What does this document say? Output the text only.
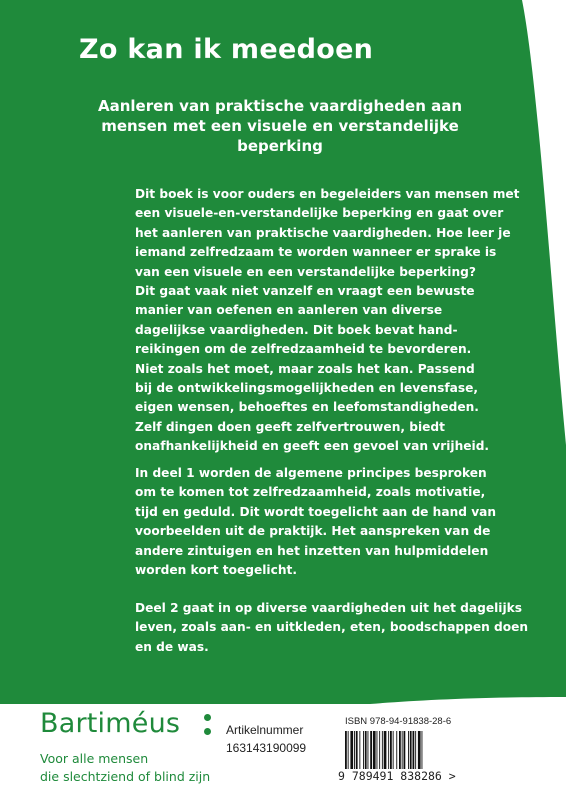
Zo kan ik meedoen
Aanleren van praktische vaardigheden aan
mensen met een visuele en verstandelijke
beperking
Dit boek is voor ouders en begeleiders van mensen met
een visuele-en-verstandelijke beperking en gaat over
het aanleren van praktische vaardigheden. Hoe leer je
iemand zelfredzaam te worden wanneer er sprake is
van een visuele en een verstandelijke beperking?
Dit gaat vaak niet vanzelf en vraagt een bewuste
manier van oefenen en aanleren van diverse
dagelijkse vaardigheden. Dit boek bevat hand-
reikingen om de zelfredzaamheid te bevorderen.
Niet zoals het moet, maar zoals het kan. Passend
bij de ontwikkelingsmogelijkheden en levensfase,
eigen wensen, behoeftes en leefomstandigheden.
Zelf dingen doen geeft zelfvertrouwen, biedt
onafhankelijkheid en geeft een gevoel van vrijheid.
In deel 1 worden de algemene principes besproken
om te komen tot zelfredzaamheid, zoals motivatie,
tijd en geduld. Dit wordt toegelicht aan de hand van
voorbeelden uit de praktijk. Het aanspreken van de
andere zintuigen en het inzetten van hulpmiddelen
worden kort toegelicht.
Deel 2 gaat in op diverse vaardigheden uit het dagelijks
leven, zoals aan- en uitkleden, eten, boodschappen doen
en de was.
Bartiméus
Voor alle mensen
die slechtziend of blind zijn
Artikelnummer
163143190099
ISBN 978-94-91838-28-6
9 789491 838286 >
